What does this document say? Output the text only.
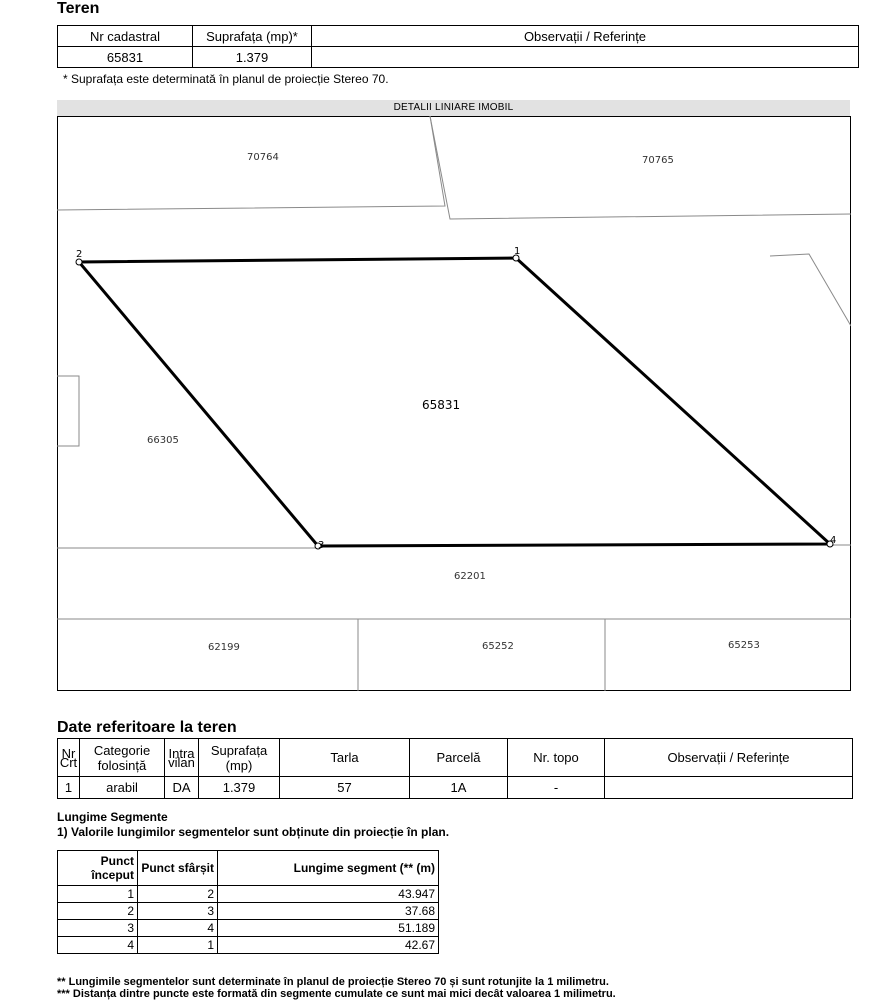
Teren
Nr cadastral	Suprafața (mp)*	Observații / Referințe
65831	1.379	
* Suprafața este determinată în planul de proiecție Stereo 70.
DETALII LINIARE IMOBIL
1
2
3	4
70764	70765
65831
66305
62201
62199	65252	65253
Date referitoare la teren
Nr Crt	Categorie folosință	Intra vilan	Suprafața (mp)	Tarla	Parcelă	Nr. topo	Observații / Referințe
1	arabil	DA	1.379	57	1A	-	
Lungime Segmente
1) Valorile lungimilor segmentelor sunt obținute din proiecție în plan.
Punct început	Punct sfârșit	Lungime segment (** (m)
1	2	43.947
2	3	37.68
3	4	51.189
4	1	42.67
** Lungimile segmentelor sunt determinate în planul de proiecție Stereo 70 și sunt rotunjite la 1 milimetru.
*** Distanța dintre puncte este formată din segmente cumulate ce sunt mai mici decât valoarea 1 milimetru.
